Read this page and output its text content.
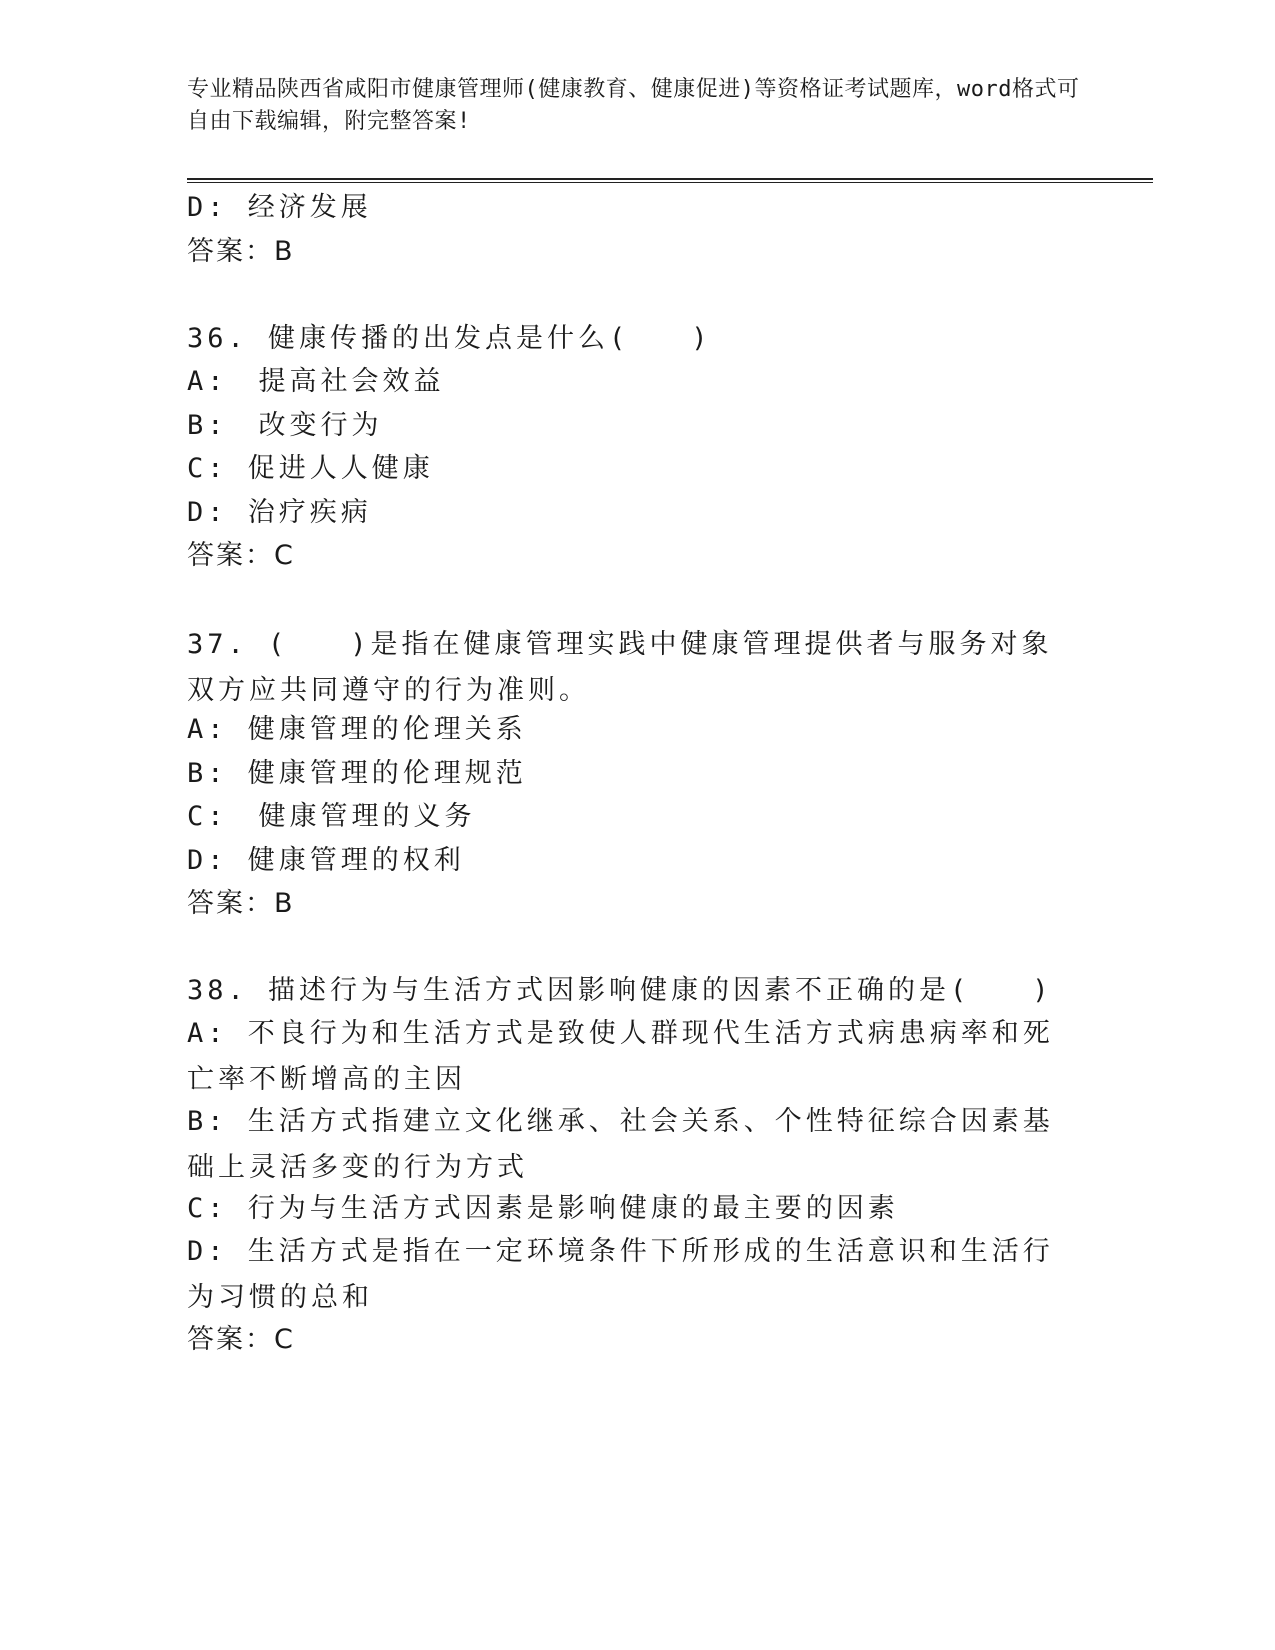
专业精品陕西省咸阳市健康管理师(健康教育、健康促进)等资格证考试题库，word格式可自由下载编辑，附完整答案!
D: 经济发展
答案：B
36. 健康传播的出发点是什么(　　)
A:　提高社会效益
B:　改变行为
C: 促进人人健康
D: 治疗疾病
答案：C
37. (　　)是指在健康管理实践中健康管理提供者与服务对象双方应共同遵守的行为准则。
A: 健康管理的伦理关系
B: 健康管理的伦理规范
C:　健康管理的义务
D: 健康管理的权利
答案：B
38. 描述行为与生活方式因影响健康的因素不正确的是(　　)
A: 不良行为和生活方式是致使人群现代生活方式病患病率和死亡率不断增高的主因
B: 生活方式指建立文化继承、社会关系、个性特征综合因素基础上灵活多变的行为方式
C: 行为与生活方式因素是影响健康的最主要的因素
D: 生活方式是指在一定环境条件下所形成的生活意识和生活行为习惯的总和
答案：C
